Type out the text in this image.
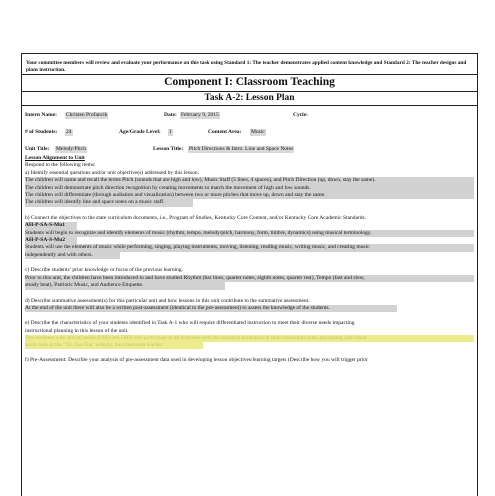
Your committee members will review and evaluate your performance on this task using Standard 1: The teacher demonstrates applied content knowledge and Standard 2: The teacher designs and plans instruction.
Component I: Classroom Teaching
Task A-2: Lesson Plan
Intern Name: Christen Profancik	Date: February 9, 2015	Cycle:
# of Students: 24	Age/Grade Level: 1	Content Area: Music
Unit Title: Melody/Pitch	Lesson Title: Pitch Directions & Intro. Line and Space Notes
Lesson Alignment to Unit
Respond to the following items:
a) Identify essential questions and/or unit objective(s) addressed by this lesson.
The children will name and recall the terms Pitch (sounds that are high and low), Music Staff (5 lines, 4 spaces), and Pitch Direction (up, down, stay the same).
The children will demonstrate pitch direction recognition by creating movements to match the movement of high and low sounds.
The children will differentiate (through audiation and visualization) between two or more pitches that move up, down and stay the same.
The children will identify line and space notes on a music staff.
b) Connect the objectives to the state curriculum documents, i.e., Program of Studies, Kentucky Core Content, and/or Kentucky Core Academic Standards.
AH-P-SA-S-Mu1
Students will begin to recognize and identify elements of music (rhythm, tempo, melody/pitch, harmony, form, timbre, dynamics) using musical terminology.
AH-P-SA-S-Mu2
Students will use the elements of music while performing, singing, playing instruments, moving, listening, reading music, writing music, and creating music
independently and with others.
c) Describe students’ prior knowledge or focus of the previous learning.
Prior to this unit, the children have been introduced to and have studied Rhythm (bar lines, quarter notes, eighth notes, quarter rest), Tempo (fast and slow,
steady beat), Patriotic Music, and Audience Etiquette.
d) Describe summative assessment(s) for this particular unit and how lessons in this unit contribute to the summative assessment.
At the end of the unit there will also be a written post-assessment (identical to the pre-assessment) to assess the knowledge of the students.
e) Describe the characteristics of your students identified in Task A-1 who will require differentiated instruction to meet their diverse needs impacting
instructional planning in this lesson of the unit.
Two students with special needs (EBD and OHI) will participate in all activities with the potential assistance of their classroom aides and during individual
work such as the "Tic-Tac-Toe" activity, the classroom teacher.
f) Pre-Assessment: Describe your analysis of pre-assessment data used in developing lesson objectives/learning targets (Describe how you will trigger prior
